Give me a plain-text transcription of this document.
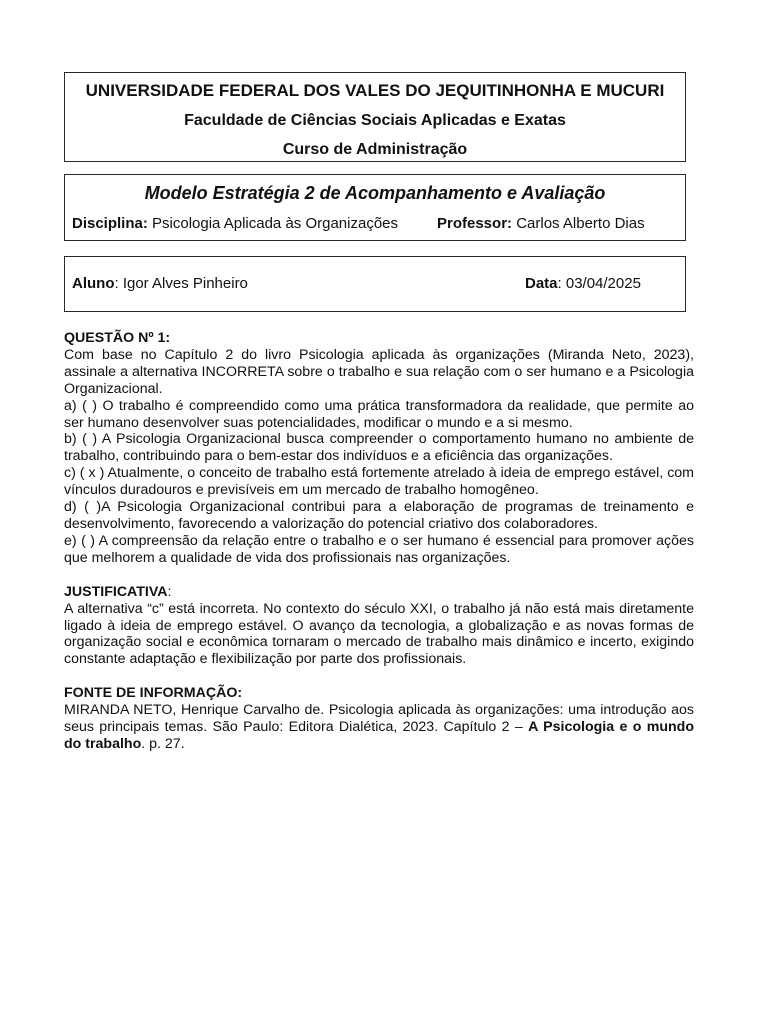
UNIVERSIDADE FEDERAL DOS VALES DO JEQUITINHONHA E MUCURI
Faculdade de Ciências Sociais Aplicadas e Exatas
Curso de Administração
Modelo Estratégia 2 de Acompanhamento e Avaliação
Disciplina: Psicologia Aplicada às Organizações	Professor: Carlos Alberto Dias
Aluno: Igor Alves Pinheiro	Data: 03/04/2025

QUESTÃO Nº 1:

Com base no Capítulo 2 do livro Psicologia aplicada às organizações (Miranda Neto, 2023), assinale a alternativa INCORRETA sobre o trabalho e sua relação com o ser humano e a Psicologia Organizacional.

a) ( ) O trabalho é compreendido como uma prática transformadora da realidade, que permite ao ser humano desenvolver suas potencialidades, modificar o mundo e a si mesmo.

b) ( ) A Psicologia Organizacional busca compreender o comportamento humano no ambiente de trabalho, contribuindo para o bem-estar dos indivíduos e a eficiência das organizações.

c) ( x ) Atualmente, o conceito de trabalho está fortemente atrelado à ideia de emprego estável, com vínculos duradouros e previsíveis em um mercado de trabalho homogêneo.

d) ( )A Psicologia Organizacional contribui para a elaboração de programas de treinamento e desenvolvimento, favorecendo a valorização do potencial criativo dos colaboradores.

e) ( ) A compreensão da relação entre o trabalho e o ser humano é essencial para promover ações que melhorem a qualidade de vida dos profissionais nas organizações.

JUSTIFICATIVA:

A alternativa “c” está incorreta. No contexto do século XXI, o trabalho já não está mais diretamente ligado à ideia de emprego estável. O avanço da tecnologia, a globalização e as novas formas de organização social e econômica tornaram o mercado de trabalho mais dinâmico e incerto, exigindo constante adaptação e flexibilização por parte dos profissionais.

FONTE DE INFORMAÇÃO:

MIRANDA NETO, Henrique Carvalho de. Psicologia aplicada às organizações: uma introdução aos seus principais temas. São Paulo: Editora Dialética, 2023. Capítulo 2 – A Psicologia e o mundo do trabalho. p. 27.
